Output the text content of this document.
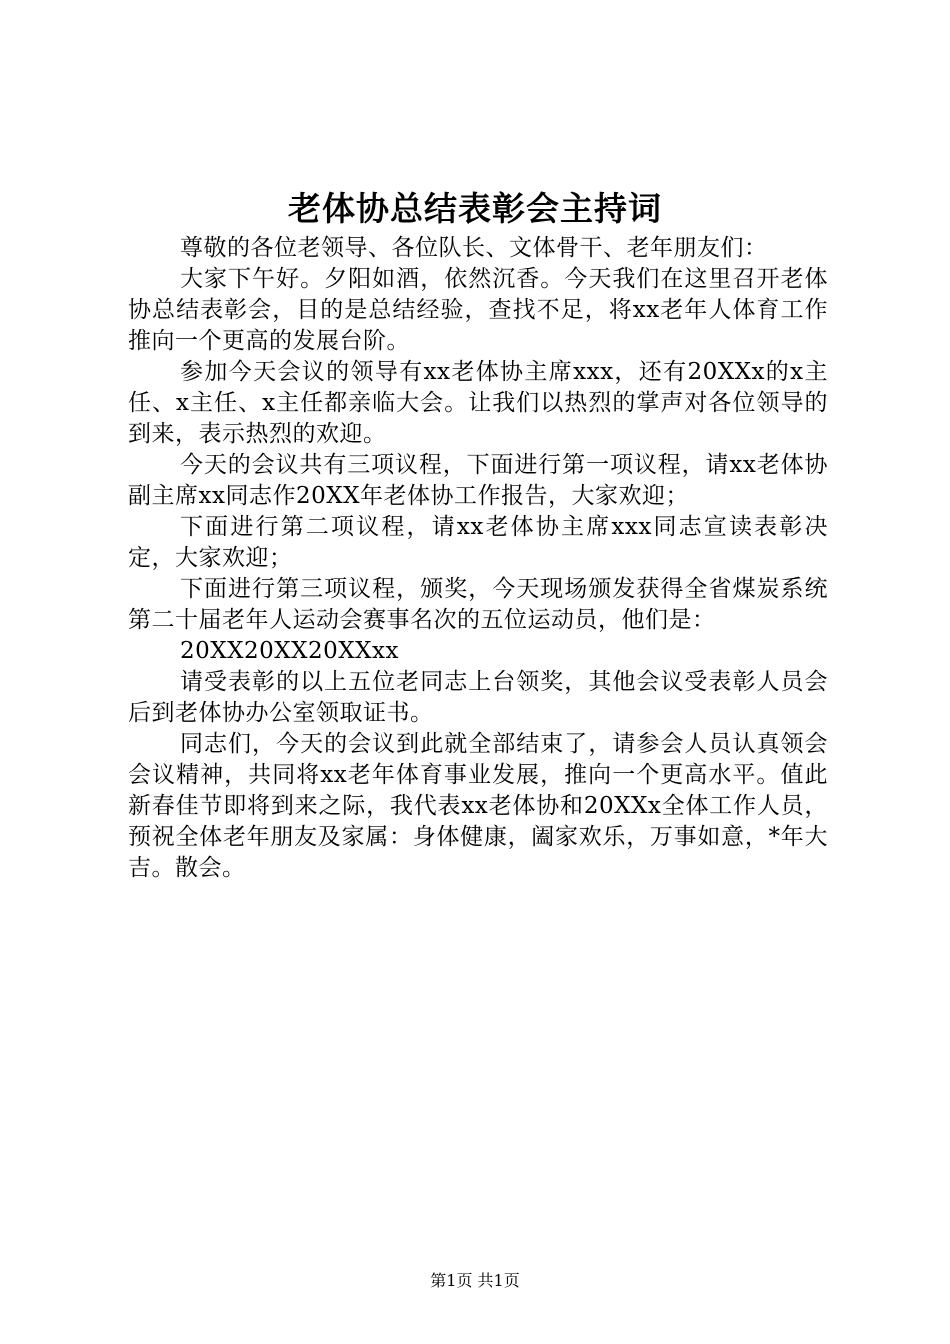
老体协总结表彰会主持词

尊敬的各位老领导、各位队长、文体骨干、老年朋友们：

大家下午好。夕阳如酒，依然沉香。今天我们在这里召开老体协总结表彰会，目的是总结经验，查找不足，将xx老年人体育工作推向一个更高的发展台阶。

参加今天会议的领导有xx老体协主席xxx，还有20XXx的x主任、x主任、x主任都亲临大会。让我们以热烈的掌声对各位领导的到来，表示热烈的欢迎。

今天的会议共有三项议程，下面进行第一项议程，请xx老体协副主席xx同志作20XX年老体协工作报告，大家欢迎；

下面进行第二项议程，请xx老体协主席xxx同志宣读表彰决定，大家欢迎；

下面进行第三项议程，颁奖，今天现场颁发获得全省煤炭系统第二十届老年人运动会赛事名次的五位运动员，他们是：

20XX20XX20XXxx

请受表彰的以上五位老同志上台领奖，其他会议受表彰人员会后到老体协办公室领取证书。

同志们，今天的会议到此就全部结束了，请参会人员认真领会会议精神，共同将xx老年体育事业发展，推向一个更高水平。值此新春佳节即将到来之际，我代表xx老体协和20XXx全体工作人员，预祝全体老年朋友及家属：身体健康，阖家欢乐，万事如意，*年大吉。散会。

第1页 共1页
